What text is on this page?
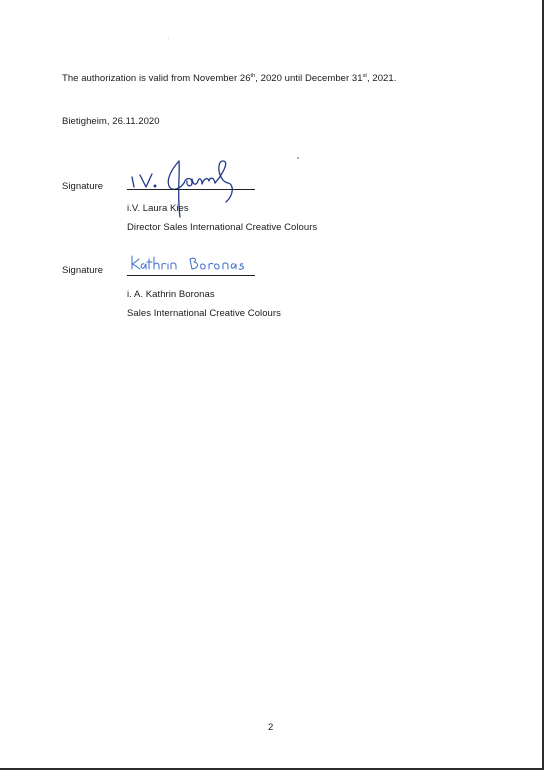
The authorization is valid from November 26th, 2020 until December 31st, 2021.
Bietigheim, 26.11.2020
Signature
i.V. Laura Kies
Director Sales International Creative Colours
Signature
i. A. Kathrin Boronas
Sales International Creative Colours
2
